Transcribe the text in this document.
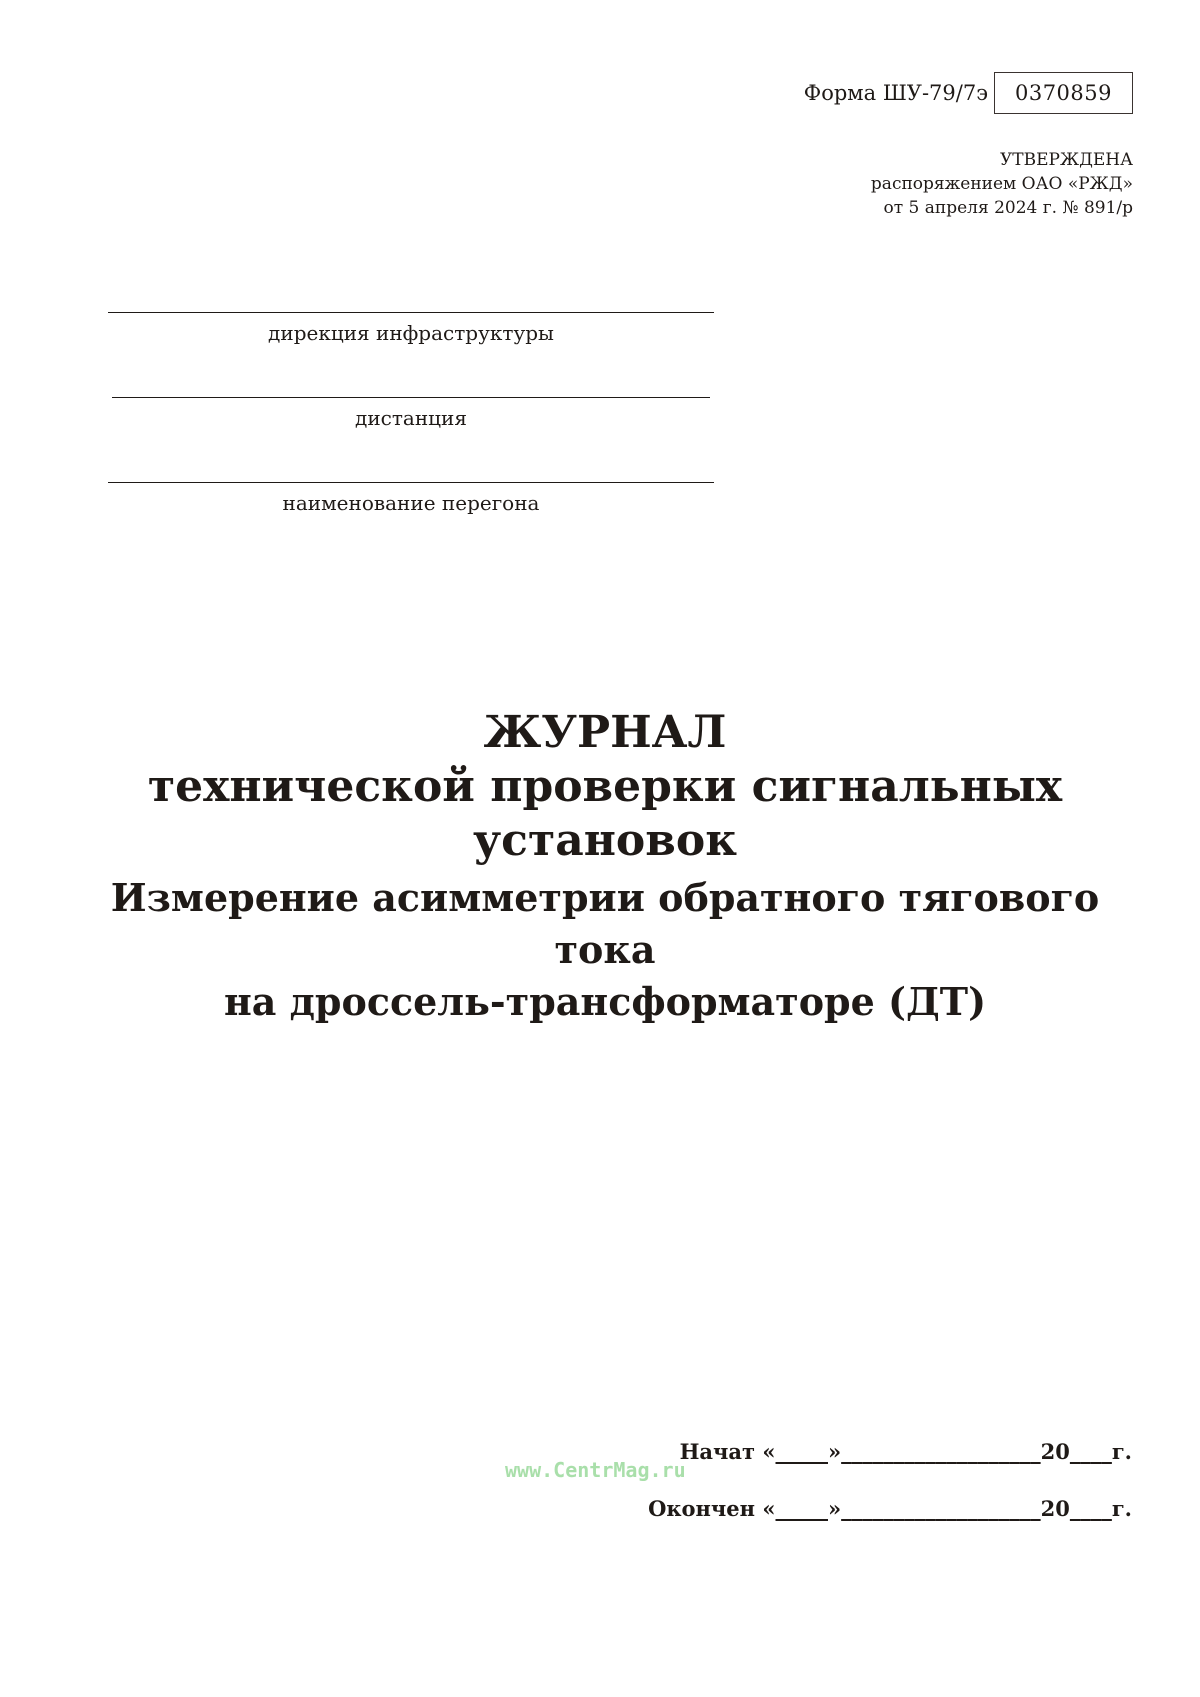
Форма ШУ-79/7э	0370859
УТВЕРЖДЕНА
распоряжением ОАО «РЖД»
от 5 апреля 2024 г. № 891/р
дирекция инфраструктуры
дистанция
наименование перегона
ЖУРНАЛ
технической проверки сигнальных
установок
Измерение асимметрии обратного тягового тока
на дроссель-трансформаторе (ДТ)
www.CentrMag.ru
Начат «_____»___________________20____г.
Окончен «_____»___________________20____г.
